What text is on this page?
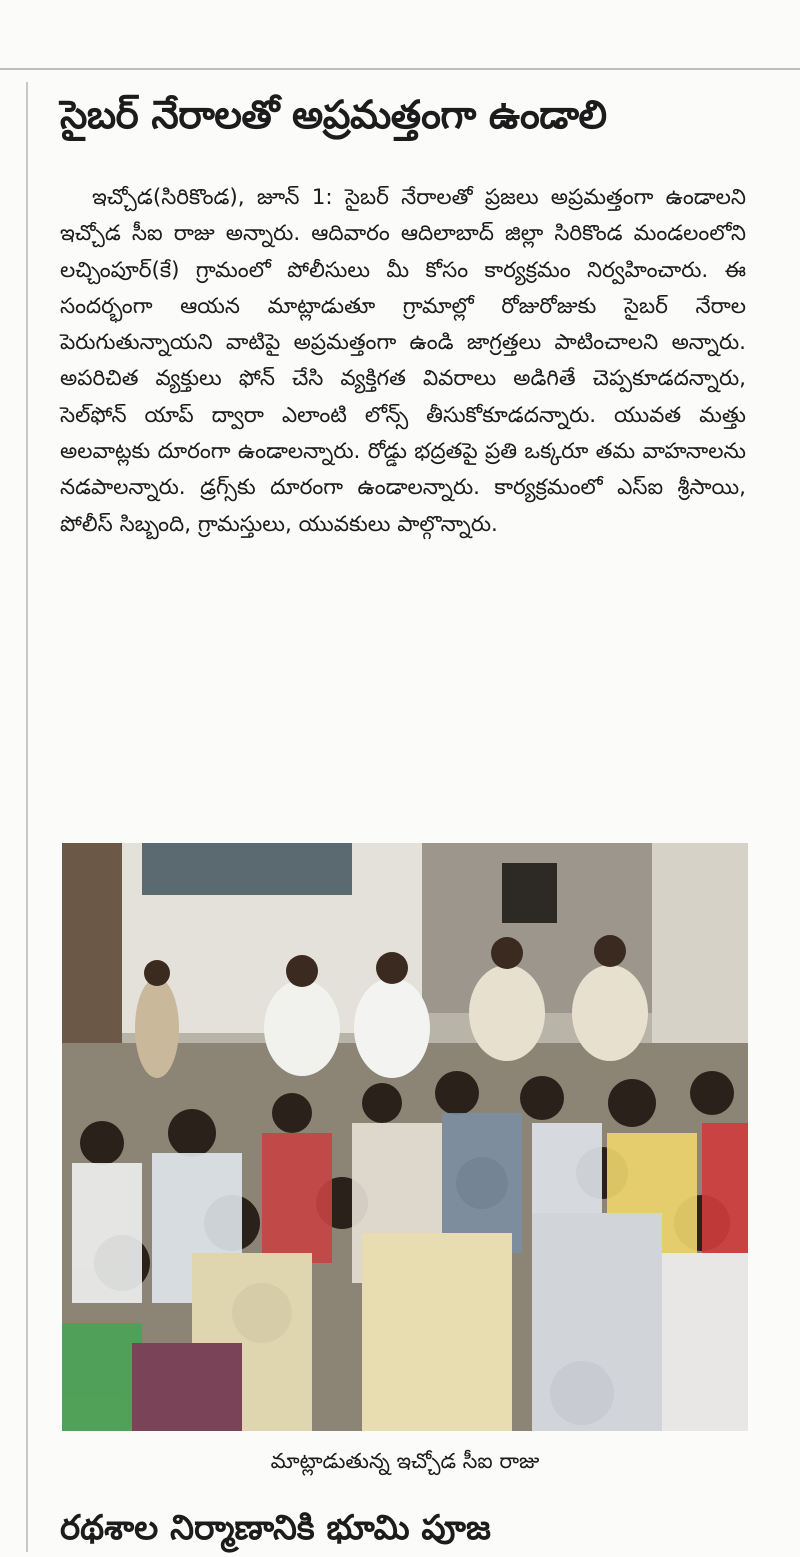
సైబర్ నేరాలతో అప్రమత్తంగా ఉండాలి

ఇచ్చోడ(సిరికొండ), జూన్ 1: సైబర్ నేరాలతో ప్రజలు అప్రమత్తంగా ఉండాలని ఇచ్చోడ సీఐ రాజు అన్నారు. ఆదివారం ఆదిలాబాద్ జిల్లా సిరికొండ మండలంలోని లచ్చింపూర్(కే) గ్రామంలో పోలీసులు మీ కోసం కార్యక్రమం నిర్వహించారు. ఈ సందర్భంగా ఆయన మాట్లాడుతూ గ్రామాల్లో రోజురోజుకు సైబర్ నేరాల పెరుగుతున్నాయని వాటిపై అప్రమత్తంగా ఉండి జాగ్రత్తలు పాటించాలని అన్నారు. అపరిచిత వ్యక్తులు ఫోన్ చేసి వ్యక్తిగత వివరాలు అడిగితే చెప్పకూడదన్నారు, సెల్‌ఫోన్ యాప్ ద్వారా ఎలాంటి లోన్స్ తీసుకోకూడదన్నారు. యువత మత్తు అలవాట్లకు దూరంగా ఉండాలన్నారు. రోడ్డు భద్రతపై ప్రతి ఒక్కరూ తమ వాహనాలను నడపాలన్నారు. డ్రగ్స్‌కు దూరంగా ఉండాలన్నారు. కార్యక్రమంలో ఎస్ఐ శ్రీసాయి, పోలీస్ సిబ్బంది, గ్రామస్తులు, యువకులు పాల్గొన్నారు.

మాట్లాడుతున్న ఇచ్చోడ సీఐ రాజు

రథశాల నిర్మాణానికి భూమి పూజ
